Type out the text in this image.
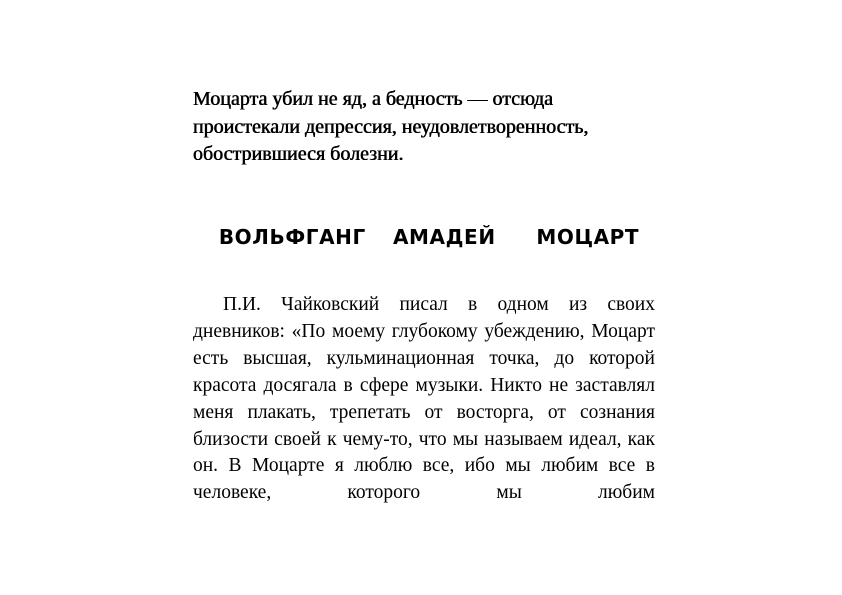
Моцарта убил не яд, а бедность — отсюда
проистекали депрессия, неудовлетворенность,
обострившиеся болезни.

ВОЛЬФГАНГ  АМАДЕЙ   МОЦАРТ

П.И. Чайковский писал в одном из своих дневников: «По моему глубокому убеждению, Моцарт есть высшая, кульминационная точка, до которой красота досягала в сфере музыки. Никто не заставлял меня плакать, трепетать от восторга, от сознания близости своей к чему-то, что мы называем идеал, как он. В Моцарте я люблю все, ибо мы любим все в человеке, которого мы любим
